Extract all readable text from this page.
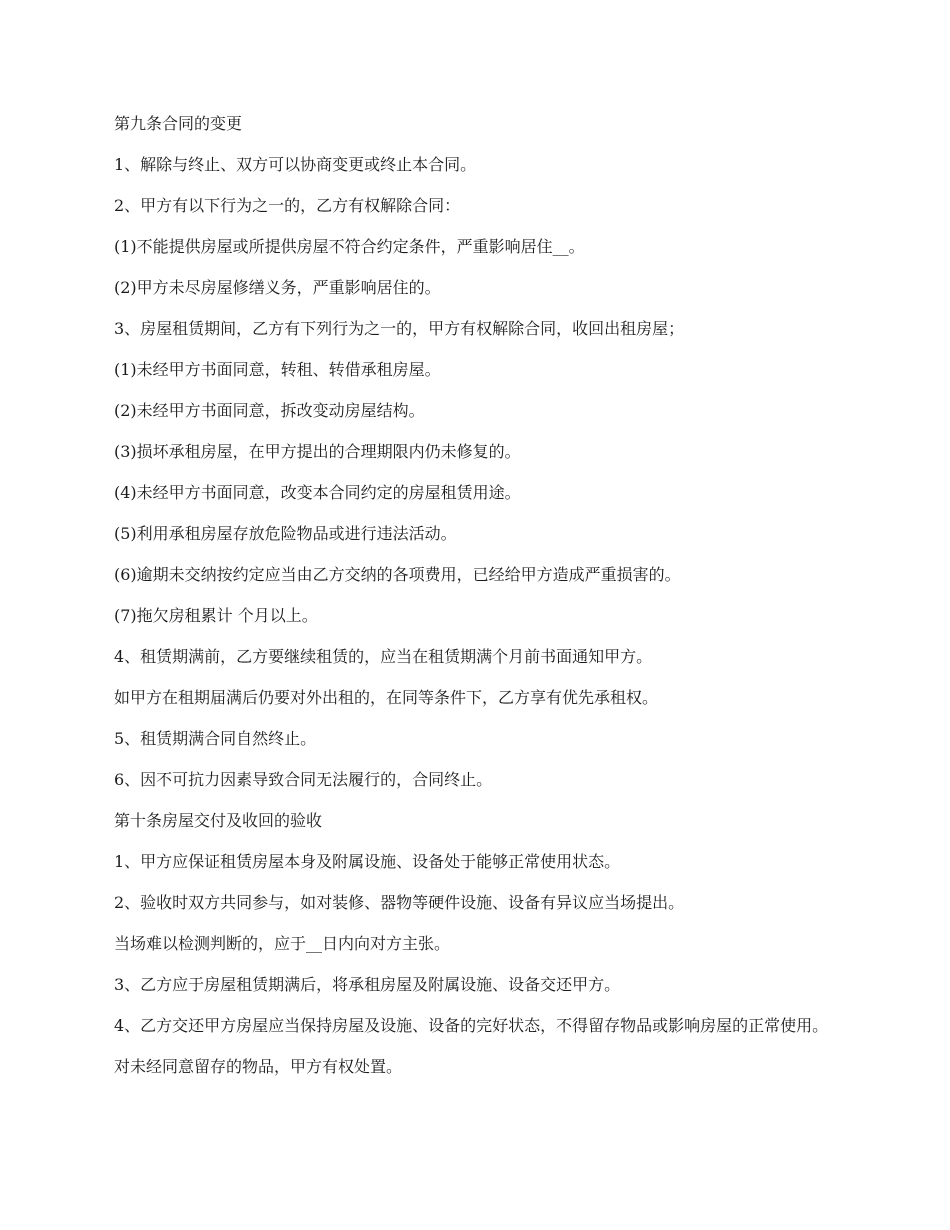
第九条合同的变更

1、解除与终止、双方可以协商变更或终止本合同。

2、甲方有以下行为之一的，乙方有权解除合同：

(1)不能提供房屋或所提供房屋不符合约定条件，严重影响居住__。

(2)甲方未尽房屋修缮义务，严重影响居住的。

3、房屋租赁期间，乙方有下列行为之一的，甲方有权解除合同，收回出租房屋；

(1)未经甲方书面同意，转租、转借承租房屋。

(2)未经甲方书面同意，拆改变动房屋结构。

(3)损坏承租房屋，在甲方提出的合理期限内仍未修复的。

(4)未经甲方书面同意，改变本合同约定的房屋租赁用途。

(5)利用承租房屋存放危险物品或进行违法活动。

(6)逾期未交纳按约定应当由乙方交纳的各项费用，已经给甲方造成严重损害的。

(7)拖欠房租累计 个月以上。

4、租赁期满前，乙方要继续租赁的，应当在租赁期满个月前书面通知甲方。

如甲方在租期届满后仍要对外出租的，在同等条件下，乙方享有优先承租权。

5、租赁期满合同自然终止。

6、因不可抗力因素导致合同无法履行的，合同终止。

第十条房屋交付及收回的验收

1、甲方应保证租赁房屋本身及附属设施、设备处于能够正常使用状态。

2、验收时双方共同参与，如对装修、器物等硬件设施、设备有异议应当场提出。

当场难以检测判断的，应于__日内向对方主张。

3、乙方应于房屋租赁期满后，将承租房屋及附属设施、设备交还甲方。

4、乙方交还甲方房屋应当保持房屋及设施、设备的完好状态，不得留存物品或影响房屋的正常使用。

对未经同意留存的物品，甲方有权处置。
